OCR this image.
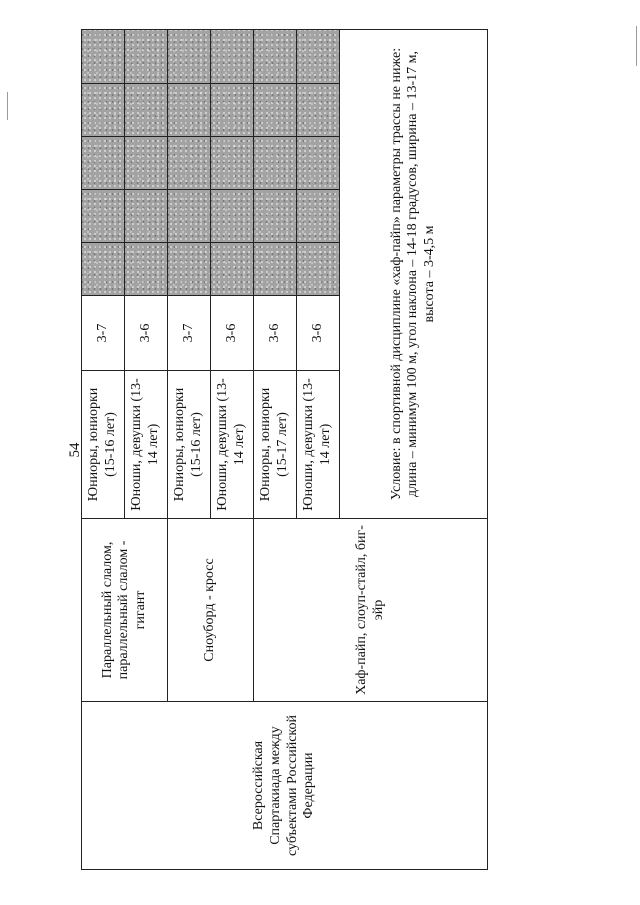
54
Всероссийская Спартакиада между субъектами Российской Федерации	Параллельный слалом, параллельный слалом - гигант	Юниоры, юниорки (15-16 лет)	3-7					
		Юноши, девушки (13-14 лет)	3-6					
	Сноуборд - кросс	Юниоры, юниорки (15-16 лет)	3-7					
		Юноши, девушки (13-14 лет)	3-6					
	Хаф-пайп, слоуп-стайл, биг-эйр	Юниоры, юниорки (15-17 лет)	3-6					
		Юноши, девушки (13-14 лет)	3-6					
		Условие: в спортивной дисциплине «хаф-пайп» параметры трассы не ниже: длина – минимум 100 м, угол наклона – 14-18 градусов, ширина – 13-17 м, высота – 3-4,5 м						
